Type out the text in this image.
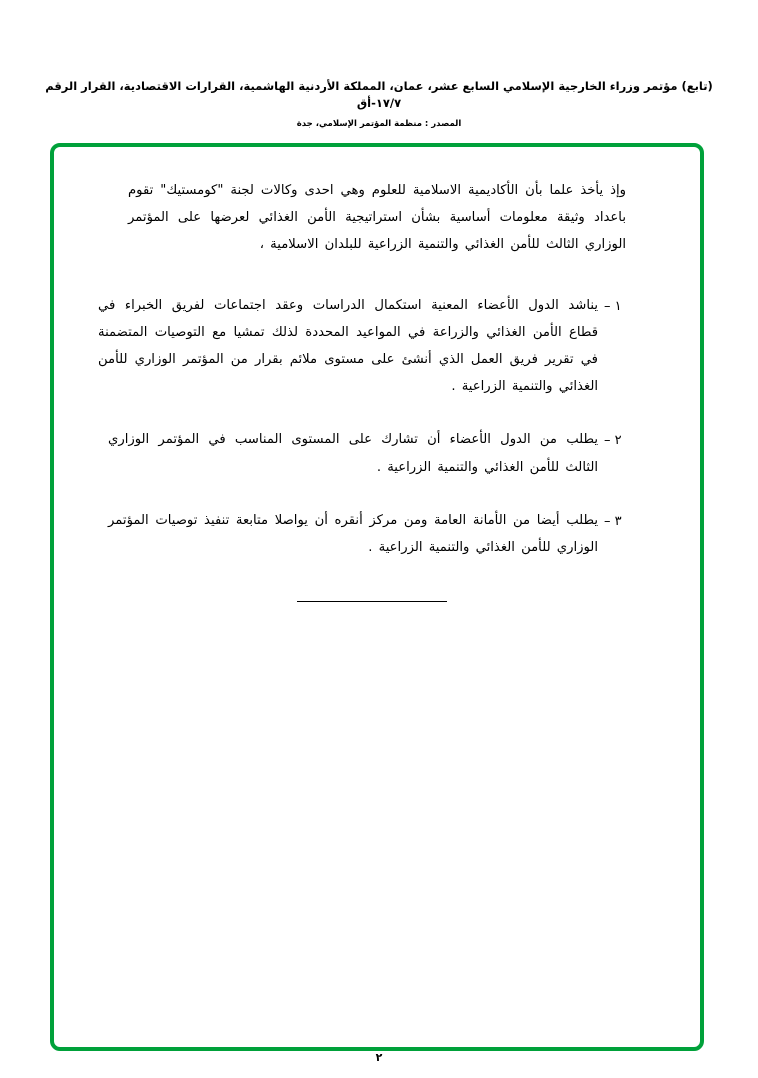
(تابع) مؤتمر وزراء الخارجية الإسلامي السابع عشر، عمان، المملكة الأردنية الهاشمية، القرارات الاقتصادية، القرار الرقم ١٧/٧-أق
المصدر : منظمة المؤتمر الإسلامي، جدة
وإذ يأخذ علما بأن الأكاديمية الاسلامية للعلوم وهي احدى وكالات لجنة "كومستيك" تقوم باعداد وثيقة معلومات أساسية بشأن استراتيجية الأمن الغذائي لعرضها على المؤتمر الوزاري الثالث للأمن الغذائي والتنمية الزراعية للبلدان الاسلامية ،
١ –
يناشد الدول الأعضاء المعنية استكمال الدراسات وعقد اجتماعات لفريق الخبراء في قطاع الأمن الغذائي والزراعة في المواعيد المحددة لذلك تمشيا مع التوصيات المتضمنة في تقرير فريق العمل الذي أنشئ على مستوى ملائم بقرار من المؤتمر الوزاري للأمن الغذائي والتنمية الزراعية .
٢ –
يطلب من الدول الأعضاء أن تشارك على المستوى المناسب في المؤتمر الوزاري الثالث للأمن الغذائي والتنمية الزراعية .
٣ –
يطلب أيضا من الأمانة العامة ومن مركز أنقره أن يواصلا متابعة تنفيذ توصيات المؤتمر الوزاري للأمن الغذائي والتنمية الزراعية .
٢
